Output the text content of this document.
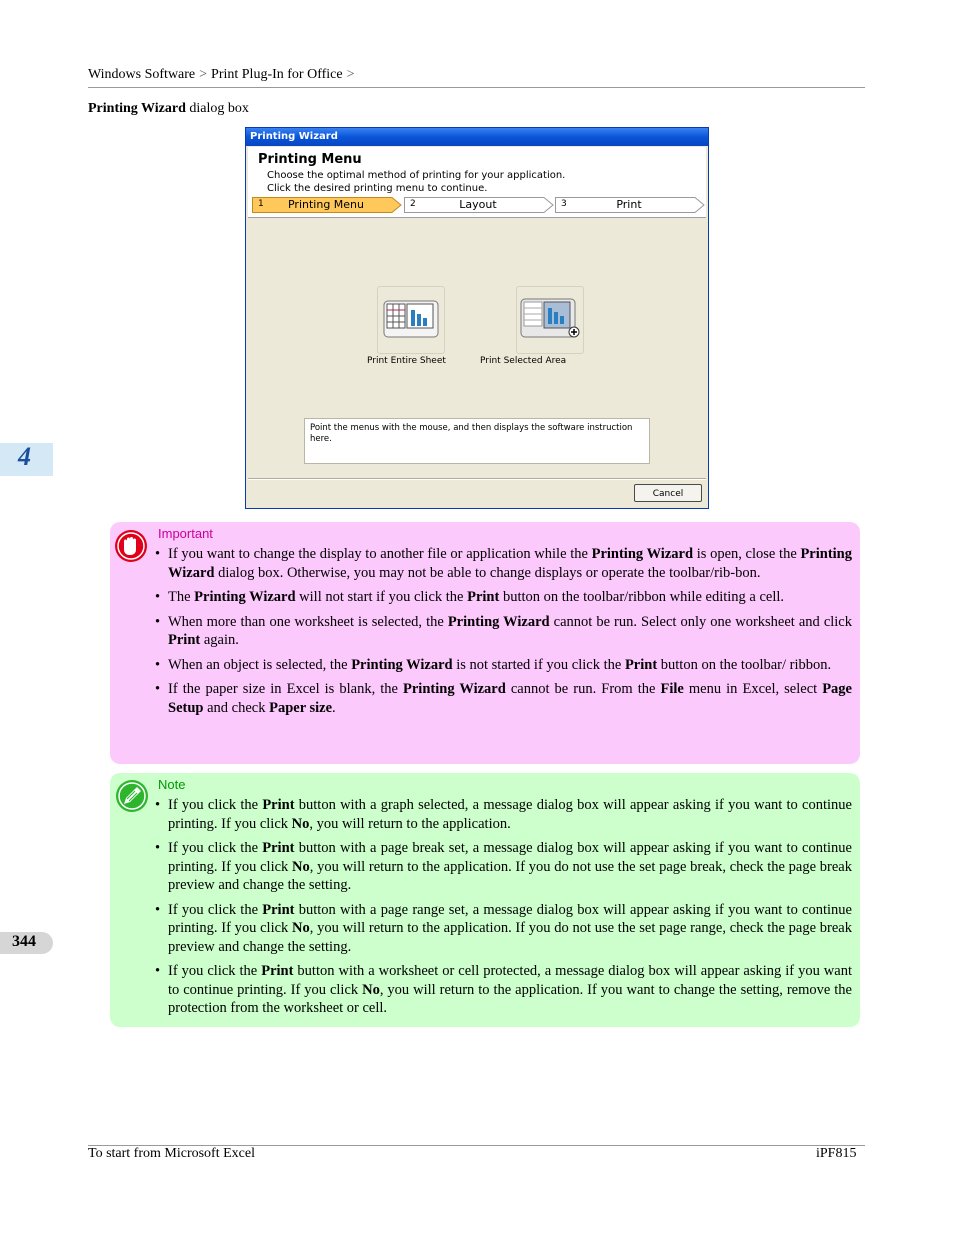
Windows Software > Print Plug-In for Office >
Printing Wizard dialog box
4
344
Printing Wizard
Printing Menu
Choose the optimal method of printing for your application.
Click the desired printing menu to continue.
1	Printing Menu	2	Layout	3	Print
Print Entire Sheet	Print Selected Area
Point the menus with the mouse, and then displays the software instruction here.
Cancel
Important
• If you want to change the display to another file or application while the Printing Wizard is open, close the Printing Wizard dialog box. Otherwise, you may not be able to change displays or operate the toolbar/rib-bon.
• The Printing Wizard will not start if you click the Print button on the toolbar/ribbon while editing a cell.
• When more than one worksheet is selected, the Printing Wizard cannot be run. Select only one worksheet and click Print again.
• When an object is selected, the Printing Wizard is not started if you click the Print button on the toolbar/ ribbon.
• If the paper size in Excel is blank, the Printing Wizard cannot be run. From the File menu in Excel, select Page Setup and check Paper size.
Note
• If you click the Print button with a graph selected, a message dialog box will appear asking if you want to continue printing. If you click No, you will return to the application.
• If you click the Print button with a page break set, a message dialog box will appear asking if you want to continue printing. If you click No, you will return to the application. If you do not use the set page break, check the page break preview and change the setting.
• If you click the Print button with a page range set, a message dialog box will appear asking if you want to continue printing. If you click No, you will return to the application. If you do not use the set page range, check the page break preview and change the setting.
• If you click the Print button with a worksheet or cell protected, a message dialog box will appear asking if you want to continue printing. If you click No, you will return to the application. If you want to change the setting, remove the protection from the worksheet or cell.
To start from Microsoft Excel	iPF815
